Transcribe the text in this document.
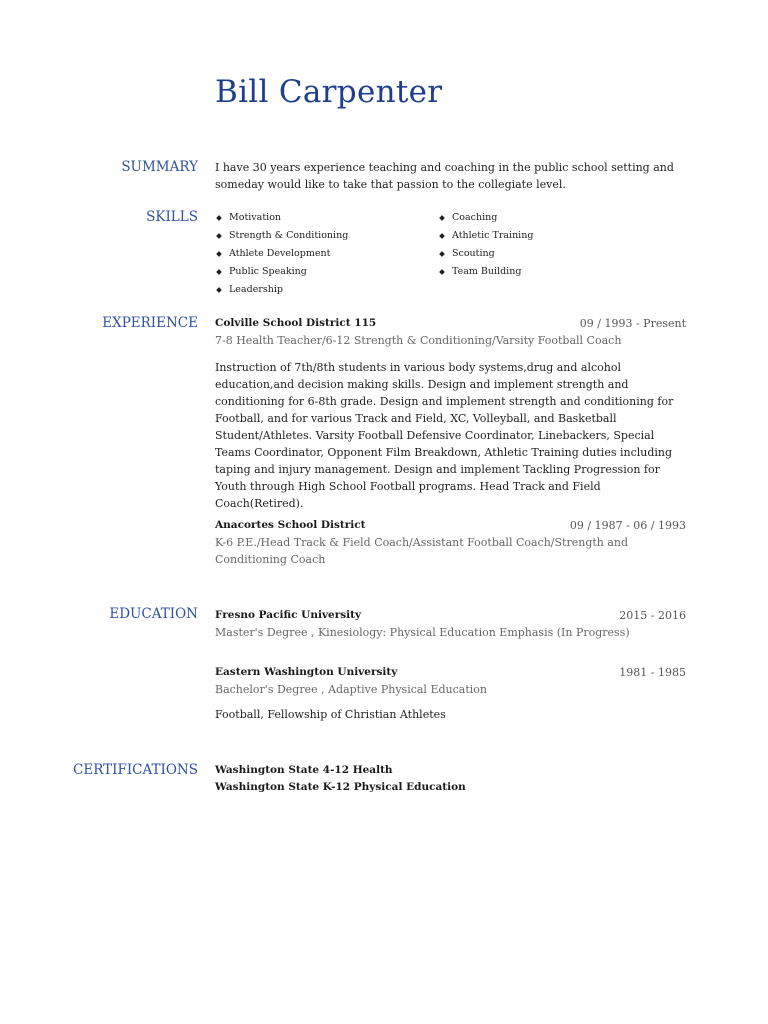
Bill Carpenter
SUMMARY I have 30 years experience teaching and coaching in the public school setting and someday would like to take that passion to the collegiate level.

SKILLS	Motivation	Coaching
Strength & Conditioning	Athletic Training
Athlete Development	Scouting
Public Speaking	Team Building
Leadership
EXPERIENCE Colville School District 115	09 / 1993 - Present
7-8 Health Teacher/6-12 Strength & Conditioning/Varsity Football Coach
Instruction of 7th/8th students in various body systems,drug and alcohol education,and decision making skills. Design and implement strength and conditioning for 6-8th grade. Design and implement strength and conditioning for Football, and for various Track and Field, XC, Volleyball, and Basketball Student/Athletes. Varsity Football Defensive Coordinator, Linebackers, Special Teams Coordinator, Opponent Film Breakdown, Athletic Training duties including taping and injury management. Design and implement Tackling Progression for Youth through High School Football programs. Head Track and Field Coach(Retired).
Anacortes School District	09 / 1987 - 06 / 1993
K-6 P.E./Head Track & Field Coach/Assistant Football Coach/Strength and Conditioning Coach
EDUCATION Fresno Pacific University	2015 - 2016
Master's Degree , Kinesiology: Physical Education Emphasis (In Progress)
Eastern Washington University	1981 - 1985
Bachelor's Degree , Adaptive Physical Education
Football, Fellowship of Christian Athletes
CERTIFICATIONS Washington State 4-12 Health
Washington State K-12 Physical Education
